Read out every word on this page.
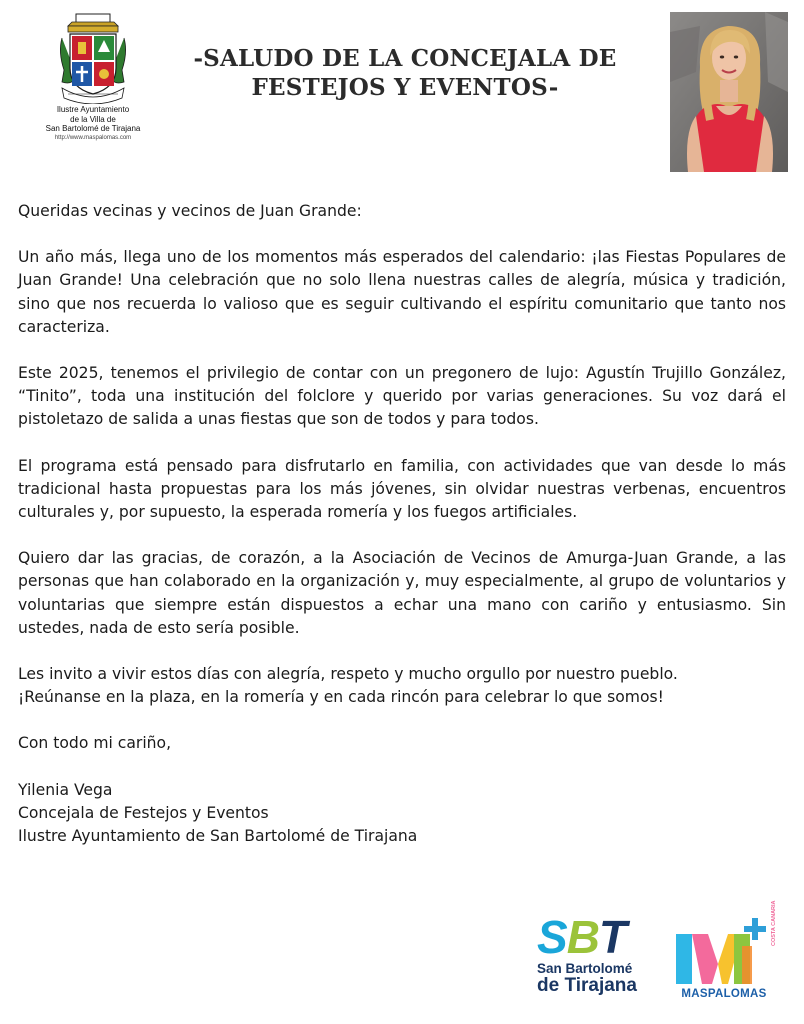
Ilustre Ayuntamiento
de la Villa de
San Bartolomé de Tirajana
http://www.maspalomas.com
-SALUDO DE LA CONCEJALA DE
FESTEJOS Y EVENTOS-

Queridas vecinas y vecinos de Juan Grande:

Un año más, llega uno de los momentos más esperados del calendario: ¡las Fiestas Populares de Juan Grande! Una celebración que no solo llena nuestras calles de alegría, música y tradición, sino que nos recuerda lo valioso que es seguir cultivando el espíritu comunitario que tanto nos caracteriza.

Este 2025, tenemos el privilegio de contar con un pregonero de lujo: Agustín Trujillo González, “Tinito”, toda una institución del folclore y querido por varias generaciones. Su voz dará el pistoletazo de salida a unas fiestas que son de todos y para todos.

El programa está pensado para disfrutarlo en familia, con actividades que van desde lo más tradicional hasta propuestas para los más jóvenes, sin olvidar nuestras verbenas, encuentros culturales y, por supuesto, la esperada romería y los fuegos artificiales.

Quiero dar las gracias, de corazón, a la Asociación de Vecinos de Amurga-Juan Grande, a las personas que han colaborado en la organización y, muy especialmente, al grupo de voluntarios y voluntarias que siempre están dispuestos a echar una mano con cariño y entusiasmo. Sin ustedes, nada de esto sería posible.

Les invito a vivir estos días con alegría, respeto y mucho orgullo por nuestro pueblo.
¡Reúnanse en la plaza, en la romería y en cada rincón para celebrar lo que somos!

Con todo mi cariño,

Yilenia Vega
Concejala de Festejos y Eventos
Ilustre Ayuntamiento de San Bartolomé de Tirajana
SBT
San Bartolomé
de Tirajana
COSTA CANARIA
MASPALOMAS
